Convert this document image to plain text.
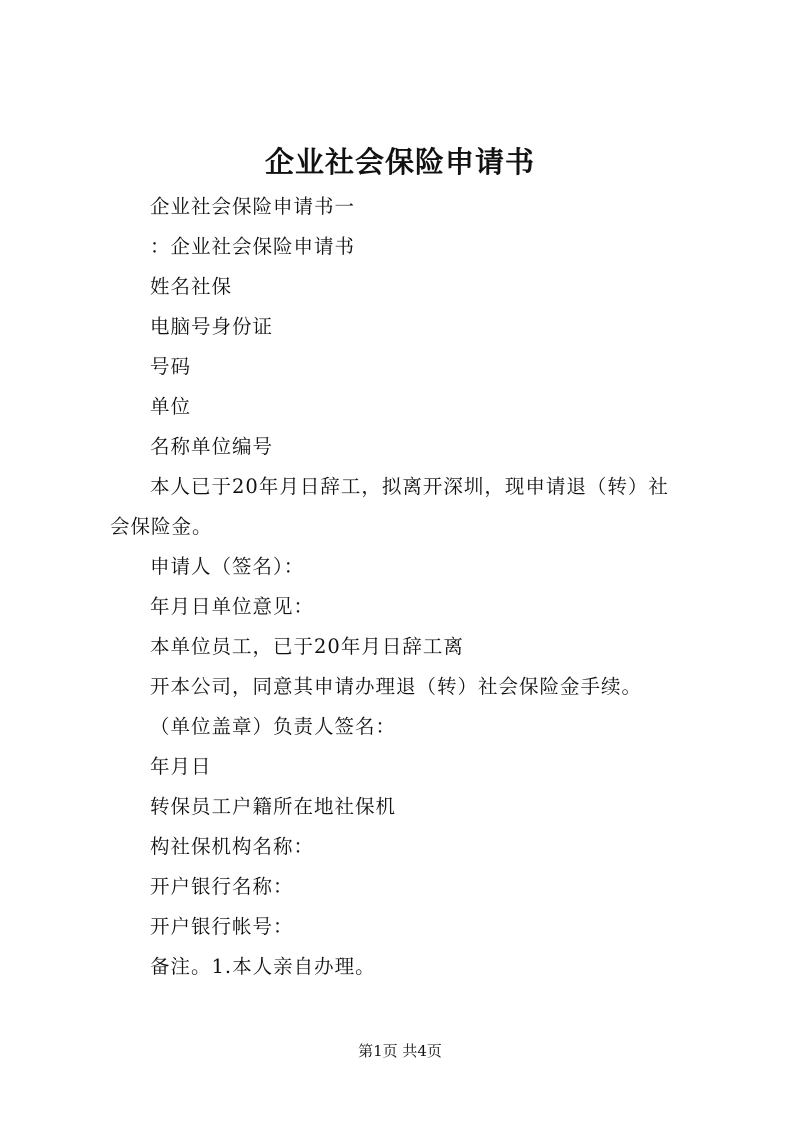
企业社会保险申请书
企业社会保险申请书一
：企业社会保险申请书
姓名社保
电脑号身份证
号码
单位
名称单位编号
本人已于20年月日辞工，拟离开深圳，现申请退（转）社
会保险金。
申请人（签名）：
年月日单位意见：
本单位员工，已于20年月日辞工离
开本公司，同意其申请办理退（转）社会保险金手续。
（单位盖章）负责人签名：
年月日
转保员工户籍所在地社保机
构社保机构名称：
开户银行名称：
开户银行帐号：
备注。1.本人亲自办理。
第1页 共4页
